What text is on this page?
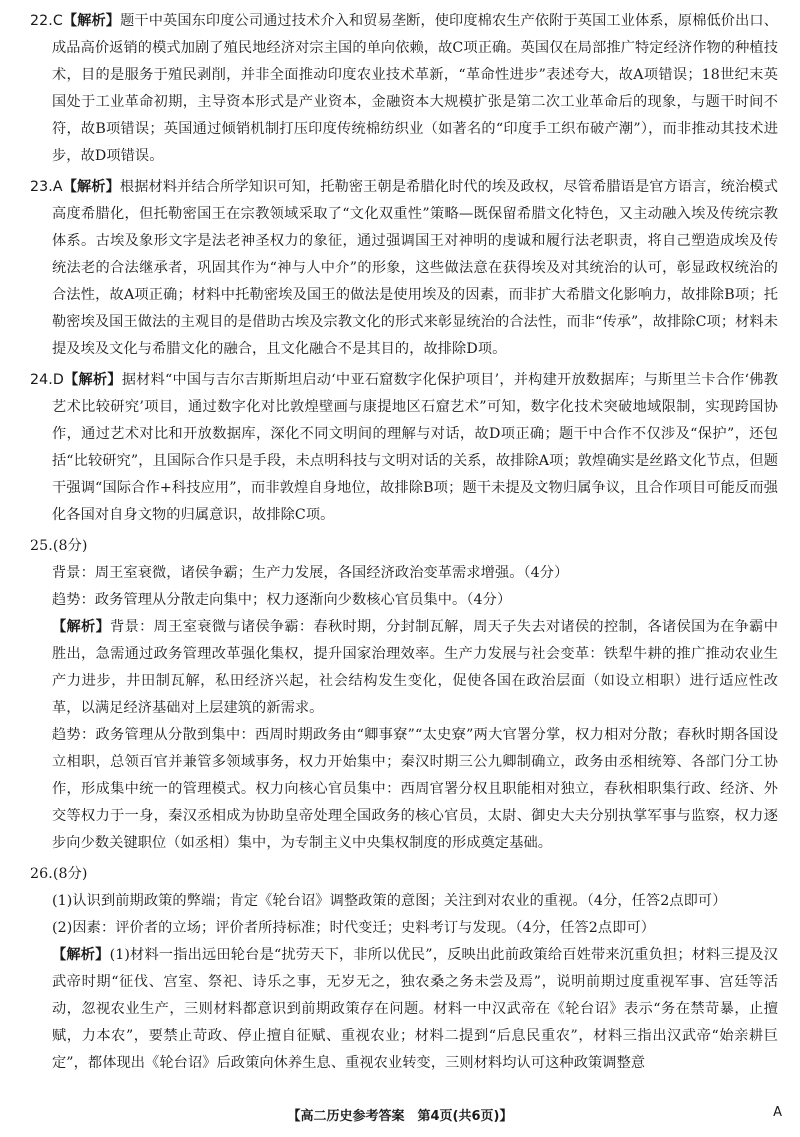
22.C【解析】题干中英国东印度公司通过技术介入和贸易垄断，使印度棉农生产依附于英国工业体系，原棉低价出口、成品高价返销的模式加剧了殖民地经济对宗主国的单向依赖，故C项正确。英国仅在局部推广特定经济作物的种植技术，目的是服务于殖民剥削，并非全面推动印度农业技术革新，“革命性进步”表述夸大，故A项错误；18世纪末英国处于工业革命初期，主导资本形式是产业资本，金融资本大规模扩张是第二次工业革命后的现象，与题干时间不符，故B项错误；英国通过倾销机制打压印度传统棉纺织业（如著名的“印度手工织布破产潮”），而非推动其技术进步，故D项错误。

23.A【解析】根据材料并结合所学知识可知，托勒密王朝是希腊化时代的埃及政权，尽管希腊语是官方语言，统治模式高度希腊化，但托勒密国王在宗教领域采取了“文化双重性”策略—既保留希腊文化特色，又主动融入埃及传统宗教体系。古埃及象形文字是法老神圣权力的象征，通过强调国王对神明的虔诚和履行法老职责，将自己塑造成埃及传统法老的合法继承者，巩固其作为“神与人中介”的形象，这些做法意在获得埃及对其统治的认可，彰显政权统治的合法性，故A项正确；材料中托勒密埃及国王的做法是使用埃及的因素，而非扩大希腊文化影响力，故排除B项；托勒密埃及国王做法的主观目的是借助古埃及宗教文化的形式来彰显统治的合法性，而非“传承”，故排除C项；材料未提及埃及文化与希腊文化的融合，且文化融合不是其目的，故排除D项。

24.D【解析】据材料“中国与吉尔吉斯斯坦启动‘中亚石窟数字化保护项目’，并构建开放数据库；与斯里兰卡合作‘佛教艺术比较研究’项目，通过数字化对比敦煌壁画与康提地区石窟艺术”可知，数字化技术突破地域限制，实现跨国协作，通过艺术对比和开放数据库，深化不同文明间的理解与对话，故D项正确；题干中合作不仅涉及“保护”，还包括“比较研究”，且国际合作只是手段，未点明科技与文明对话的关系，故排除A项；敦煌确实是丝路文化节点，但题干强调“国际合作+科技应用”，而非敦煌自身地位，故排除B项；题干未提及文物归属争议，且合作项目可能反而强化各国对自身文物的归属意识，故排除C项。

25.(8分)

背景：周王室衰微，诸侯争霸；生产力发展，各国经济政治变革需求增强。（4分）

趋势：政务管理从分散走向集中；权力逐渐向少数核心官员集中。（4分）

【解析】背景：周王室衰微与诸侯争霸：春秋时期，分封制瓦解，周天子失去对诸侯的控制，各诸侯国为在争霸中胜出，急需通过政务管理改革强化集权，提升国家治理效率。生产力发展与社会变革：铁犁牛耕的推广推动农业生产力进步，井田制瓦解，私田经济兴起，社会结构发生变化，促使各国在政治层面（如设立相职）进行适应性改革，以满足经济基础对上层建筑的新需求。

趋势：政务管理从分散到集中：西周时期政务由“卿事寮”“太史寮”两大官署分掌，权力相对分散；春秋时期各国设立相职，总领百官并兼管多领域事务，权力开始集中；秦汉时期三公九卿制确立，政务由丞相统筹、各部门分工协作，形成集中统一的管理模式。权力向核心官员集中：西周官署分权且职能相对独立，春秋相职集行政、经济、外交等权力于一身，秦汉丞相成为协助皇帝处理全国政务的核心官员，太尉、御史大夫分别执掌军事与监察，权力逐步向少数关键职位（如丞相）集中，为专制主义中央集权制度的形成奠定基础。

26.(8分)

(1)认识到前期政策的弊端；肯定《轮台诏》调整政策的意图；关注到对农业的重视。（4分，任答2点即可）

(2)因素：评价者的立场；评价者所持标准；时代变迁；史料考订与发现。（4分，任答2点即可）

【解析】(1)材料一指出远田轮台是“扰劳天下，非所以优民”，反映出此前政策给百姓带来沉重负担；材料三提及汉武帝时期“征伐、宫室、祭祀、诗乐之事，无岁无之，独农桑之务未尝及焉”，说明前期过度重视军事、宫廷等活动，忽视农业生产，三则材料都意识到前期政策存在问题。材料一中汉武帝在《轮台诏》表示“务在禁苛暴，止擅赋，力本农”，要禁止苛政、停止擅自征赋、重视农业；材料二提到“后息民重农”，材料三指出汉武帝“始亲耕巨定”，都体现出《轮台诏》后政策向休养生息、重视农业转变，三则材料均认可这种政策调整意

【高二历史参考答案　第4页(共6页)】	A
